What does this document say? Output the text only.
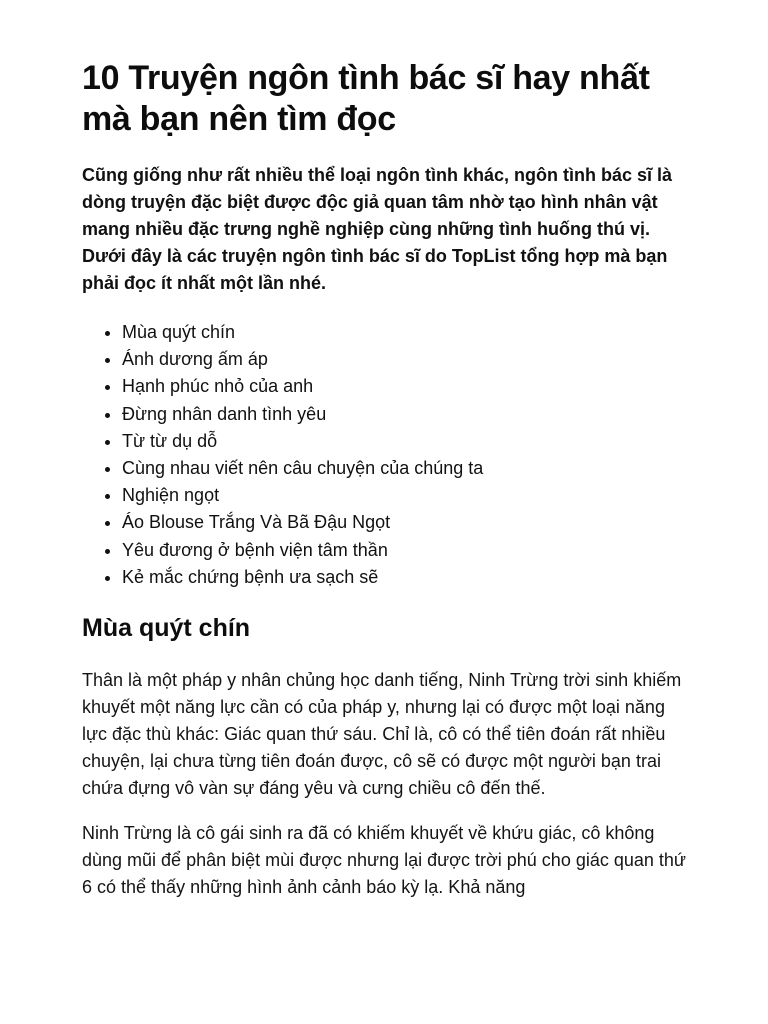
10 Truyện ngôn tình bác sĩ hay nhất mà bạn nên tìm đọc

Cũng giống như rất nhiều thể loại ngôn tình khác, ngôn tình bác sĩ là dòng truyện đặc biệt được độc giả quan tâm nhờ tạo hình nhân vật mang nhiều đặc trưng nghề nghiệp cùng những tình huống thú vị. Dưới đây là các truyện ngôn tình bác sĩ do TopList tổng hợp mà bạn phải đọc ít nhất một lần nhé.

• Mùa quýt chín
• Ánh dương ấm áp
• Hạnh phúc nhỏ của anh
• Đừng nhân danh tình yêu
• Từ từ dụ dỗ
• Cùng nhau viết nên câu chuyện của chúng ta
• Nghiện ngọt
• Áo Blouse Trắng Và Bã Đậu Ngọt
• Yêu đương ở bệnh viện tâm thần
• Kẻ mắc chứng bệnh ưa sạch sẽ
Mùa quýt chín

Thân là một pháp y nhân chủng học danh tiếng, Ninh Trừng trời sinh khiếm khuyết một năng lực cần có của pháp y, nhưng lại có được một loại năng lực đặc thù khác: Giác quan thứ sáu. Chỉ là, cô có thể tiên đoán rất nhiều chuyện, lại chưa từng tiên đoán được, cô sẽ có được một người bạn trai chứa đựng vô vàn sự đáng yêu và cưng chiều cô đến thế.

Ninh Trừng là cô gái sinh ra đã có khiếm khuyết về khứu giác, cô không dùng mũi để phân biệt mùi được nhưng lại được trời phú cho giác quan thứ 6 có thể thấy những hình ảnh cảnh báo kỳ lạ. Khả năng
